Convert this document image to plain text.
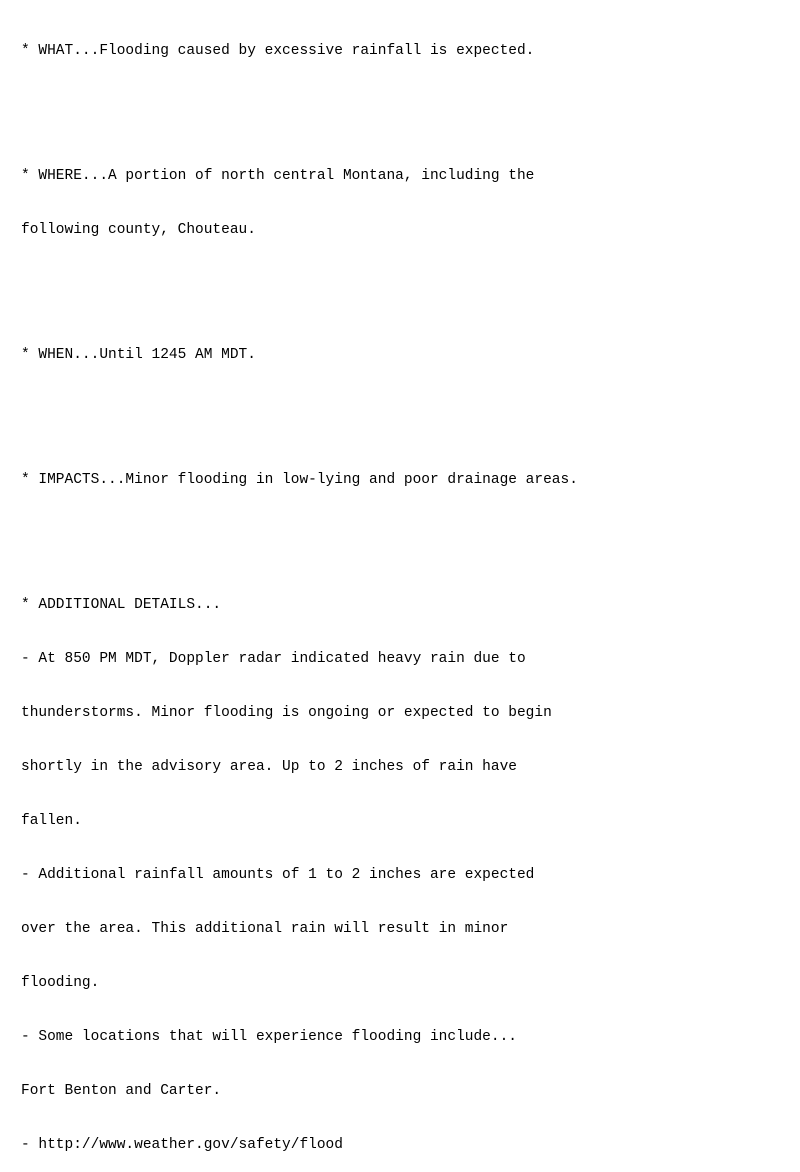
* WHAT...Flooding caused by excessive rainfall is expected.

* WHERE...A portion of north central Montana, including the

following county, Chouteau.

* WHEN...Until 1245 AM MDT.

* IMPACTS...Minor flooding in low-lying and poor drainage areas.

* ADDITIONAL DETAILS...

- At 850 PM MDT, Doppler radar indicated heavy rain due to

thunderstorms. Minor flooding is ongoing or expected to begin

shortly in the advisory area. Up to 2 inches of rain have

fallen.

- Additional rainfall amounts of 1 to 2 inches are expected

over the area. This additional rain will result in minor

flooding.

- Some locations that will experience flooding include...

Fort Benton and Carter.

- http://www.weather.gov/safety/flood
